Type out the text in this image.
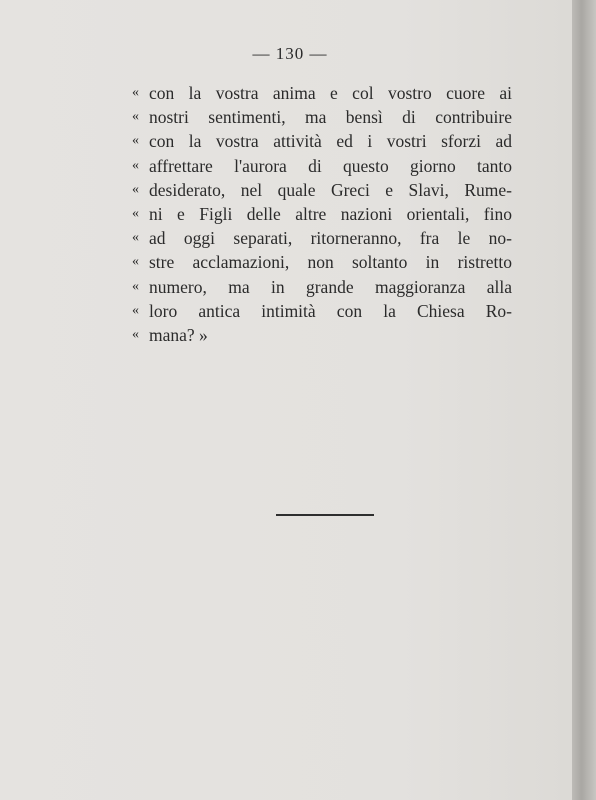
— 130 —
« con la vostra anima e col vostro cuore ai
« nostri sentimenti, ma bensì di contribuire
« con la vostra attività ed i vostri sforzi ad
« affrettare l'aurora di questo giorno tanto
« desiderato, nel quale Greci e Slavi, Rume-
« ni e Figli delle altre nazioni orientali, fino
« ad oggi separati, ritorneranno, fra le no-
« stre acclamazioni, non soltanto in ristretto
« numero, ma in grande maggioranza alla
« loro antica intimità con la Chiesa Ro-
« mana? »
